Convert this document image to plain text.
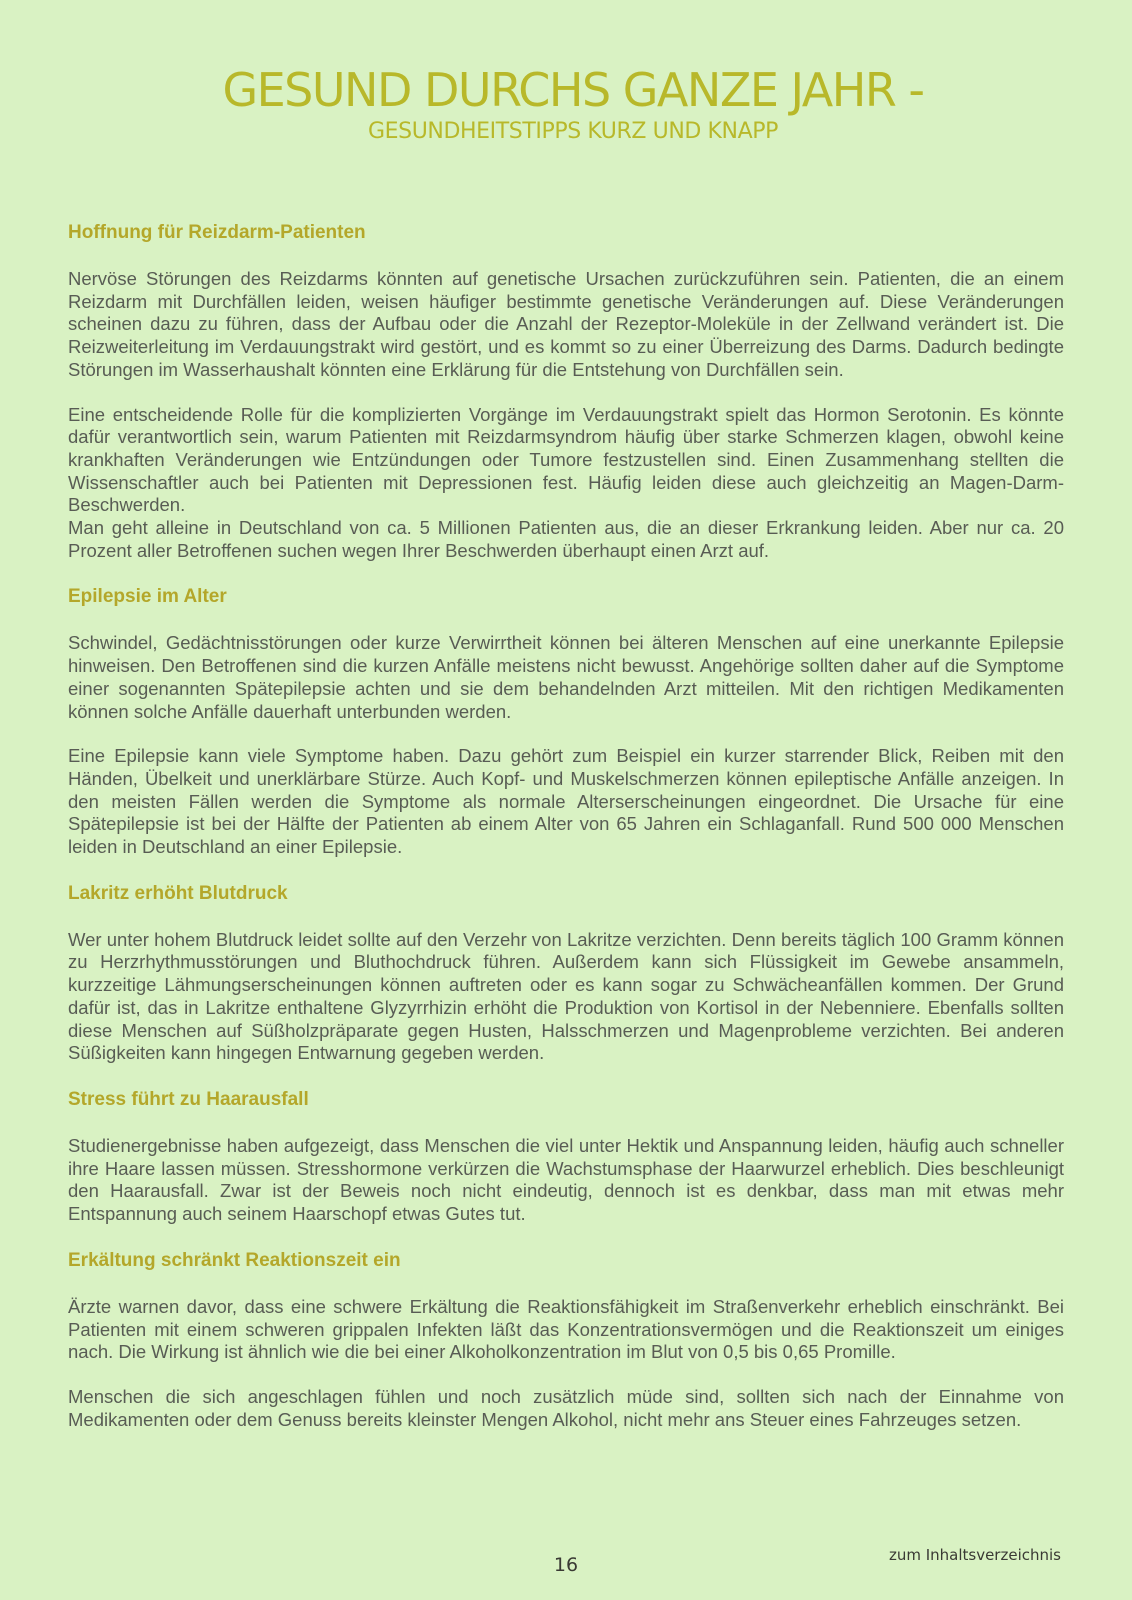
GESUND DURCHS GANZE JAHR -
GESUNDHEITSTIPPS KURZ UND KNAPP
Hoffnung für Reizdarm-Patienten

Nervöse Störungen des Reizdarms könnten auf genetische Ursachen zurückzuführen sein. Patienten, die an einem Reizdarm mit Durchfällen leiden, weisen häufiger bestimmte genetische Veränderungen auf. Diese Veränderungen scheinen dazu zu führen, dass der Aufbau oder die Anzahl der Rezeptor-Moleküle in der Zellwand verändert ist. Die Reizweiterleitung im Verdauungstrakt wird gestört, und es kommt so zu einer Überreizung des Darms. Dadurch bedingte Störungen im Wasserhaushalt könnten eine Erklärung für die Entstehung von Durchfällen sein.

Eine entscheidende Rolle für die komplizierten Vorgänge im Verdauungstrakt spielt das Hormon Serotonin. Es könnte dafür verantwortlich sein, warum Patienten mit Reizdarmsyndrom häufig über starke Schmerzen klagen, obwohl keine krankhaften Veränderungen wie Entzündungen oder Tumore festzustellen sind. Einen Zusammenhang stellten die Wissenschaftler auch bei Patienten mit Depressionen fest. Häufig leiden diese auch gleichzeitig an Magen-Darm-Beschwerden.

Man geht alleine in Deutschland von ca. 5 Millionen Patienten aus, die an dieser Erkrankung leiden. Aber nur ca. 20 Prozent aller Betroffenen suchen wegen Ihrer Beschwerden überhaupt einen Arzt auf.

Epilepsie im Alter

Schwindel, Gedächtnisstörungen oder kurze Verwirrtheit können bei älteren Menschen auf eine unerkannte Epilepsie hinweisen. Den Betroffenen sind die kurzen Anfälle meistens nicht bewusst. Angehörige sollten daher auf die Symptome einer sogenannten Spätepilepsie achten und sie dem behandelnden Arzt mitteilen. Mit den richtigen Medikamenten können solche Anfälle dauerhaft unterbunden werden.

Eine Epilepsie kann viele Symptome haben. Dazu gehört zum Beispiel ein kurzer starrender Blick, Reiben mit den Händen, Übelkeit und unerklärbare Stürze. Auch Kopf- und Muskelschmerzen können epileptische Anfälle anzeigen. In den meisten Fällen werden die Symptome als normale Alterserscheinungen eingeordnet. Die Ursache für eine Spätepilepsie ist bei der Hälfte der Patienten ab einem Alter von 65 Jahren ein Schlaganfall. Rund 500 000 Menschen leiden in Deutschland an einer Epilepsie.

Lakritz erhöht Blutdruck

Wer unter hohem Blutdruck leidet sollte auf den Verzehr von Lakritze verzichten. Denn bereits täglich 100 Gramm können zu Herzrhythmusstörungen und Bluthochdruck führen. Außerdem kann sich Flüssigkeit im Gewebe ansammeln, kurzzeitige Lähmungserscheinungen können auftreten oder es kann sogar zu Schwächeanfällen kommen. Der Grund dafür ist, das in Lakritze enthaltene Glyzyrrhizin erhöht die Produktion von Kortisol in der Nebenniere. Ebenfalls sollten diese Menschen auf Süßholzpräparate gegen Husten, Halsschmerzen und Magenprobleme verzichten. Bei anderen Süßigkeiten kann hingegen Entwarnung gegeben werden.

Stress führt zu Haarausfall

Studienergebnisse haben aufgezeigt, dass Menschen die viel unter Hektik und Anspannung leiden, häufig auch schneller ihre Haare lassen müssen. Stresshormone verkürzen die Wachstumsphase der Haarwurzel erheblich. Dies beschleunigt den Haarausfall. Zwar ist der Beweis noch nicht eindeutig, dennoch ist es denkbar, dass man mit etwas mehr Entspannung auch seinem Haarschopf etwas Gutes tut.

Erkältung schränkt Reaktionszeit ein

Ärzte warnen davor, dass eine schwere Erkältung die Reaktionsfähigkeit im Straßenverkehr erheblich einschränkt. Bei Patienten mit einem schweren grippalen Infekten läßt das Konzentrationsvermögen und die Reaktionszeit um einiges nach. Die Wirkung ist ähnlich wie die bei einer Alkoholkonzentration im Blut von 0,5 bis 0,65 Promille.

Menschen die sich angeschlagen fühlen und noch zusätzlich müde sind, sollten sich nach der Einnahme von Medikamenten oder dem Genuss bereits kleinster Mengen Alkohol, nicht mehr ans Steuer eines Fahrzeuges setzen.

16	zum Inhaltsverzeichnis
